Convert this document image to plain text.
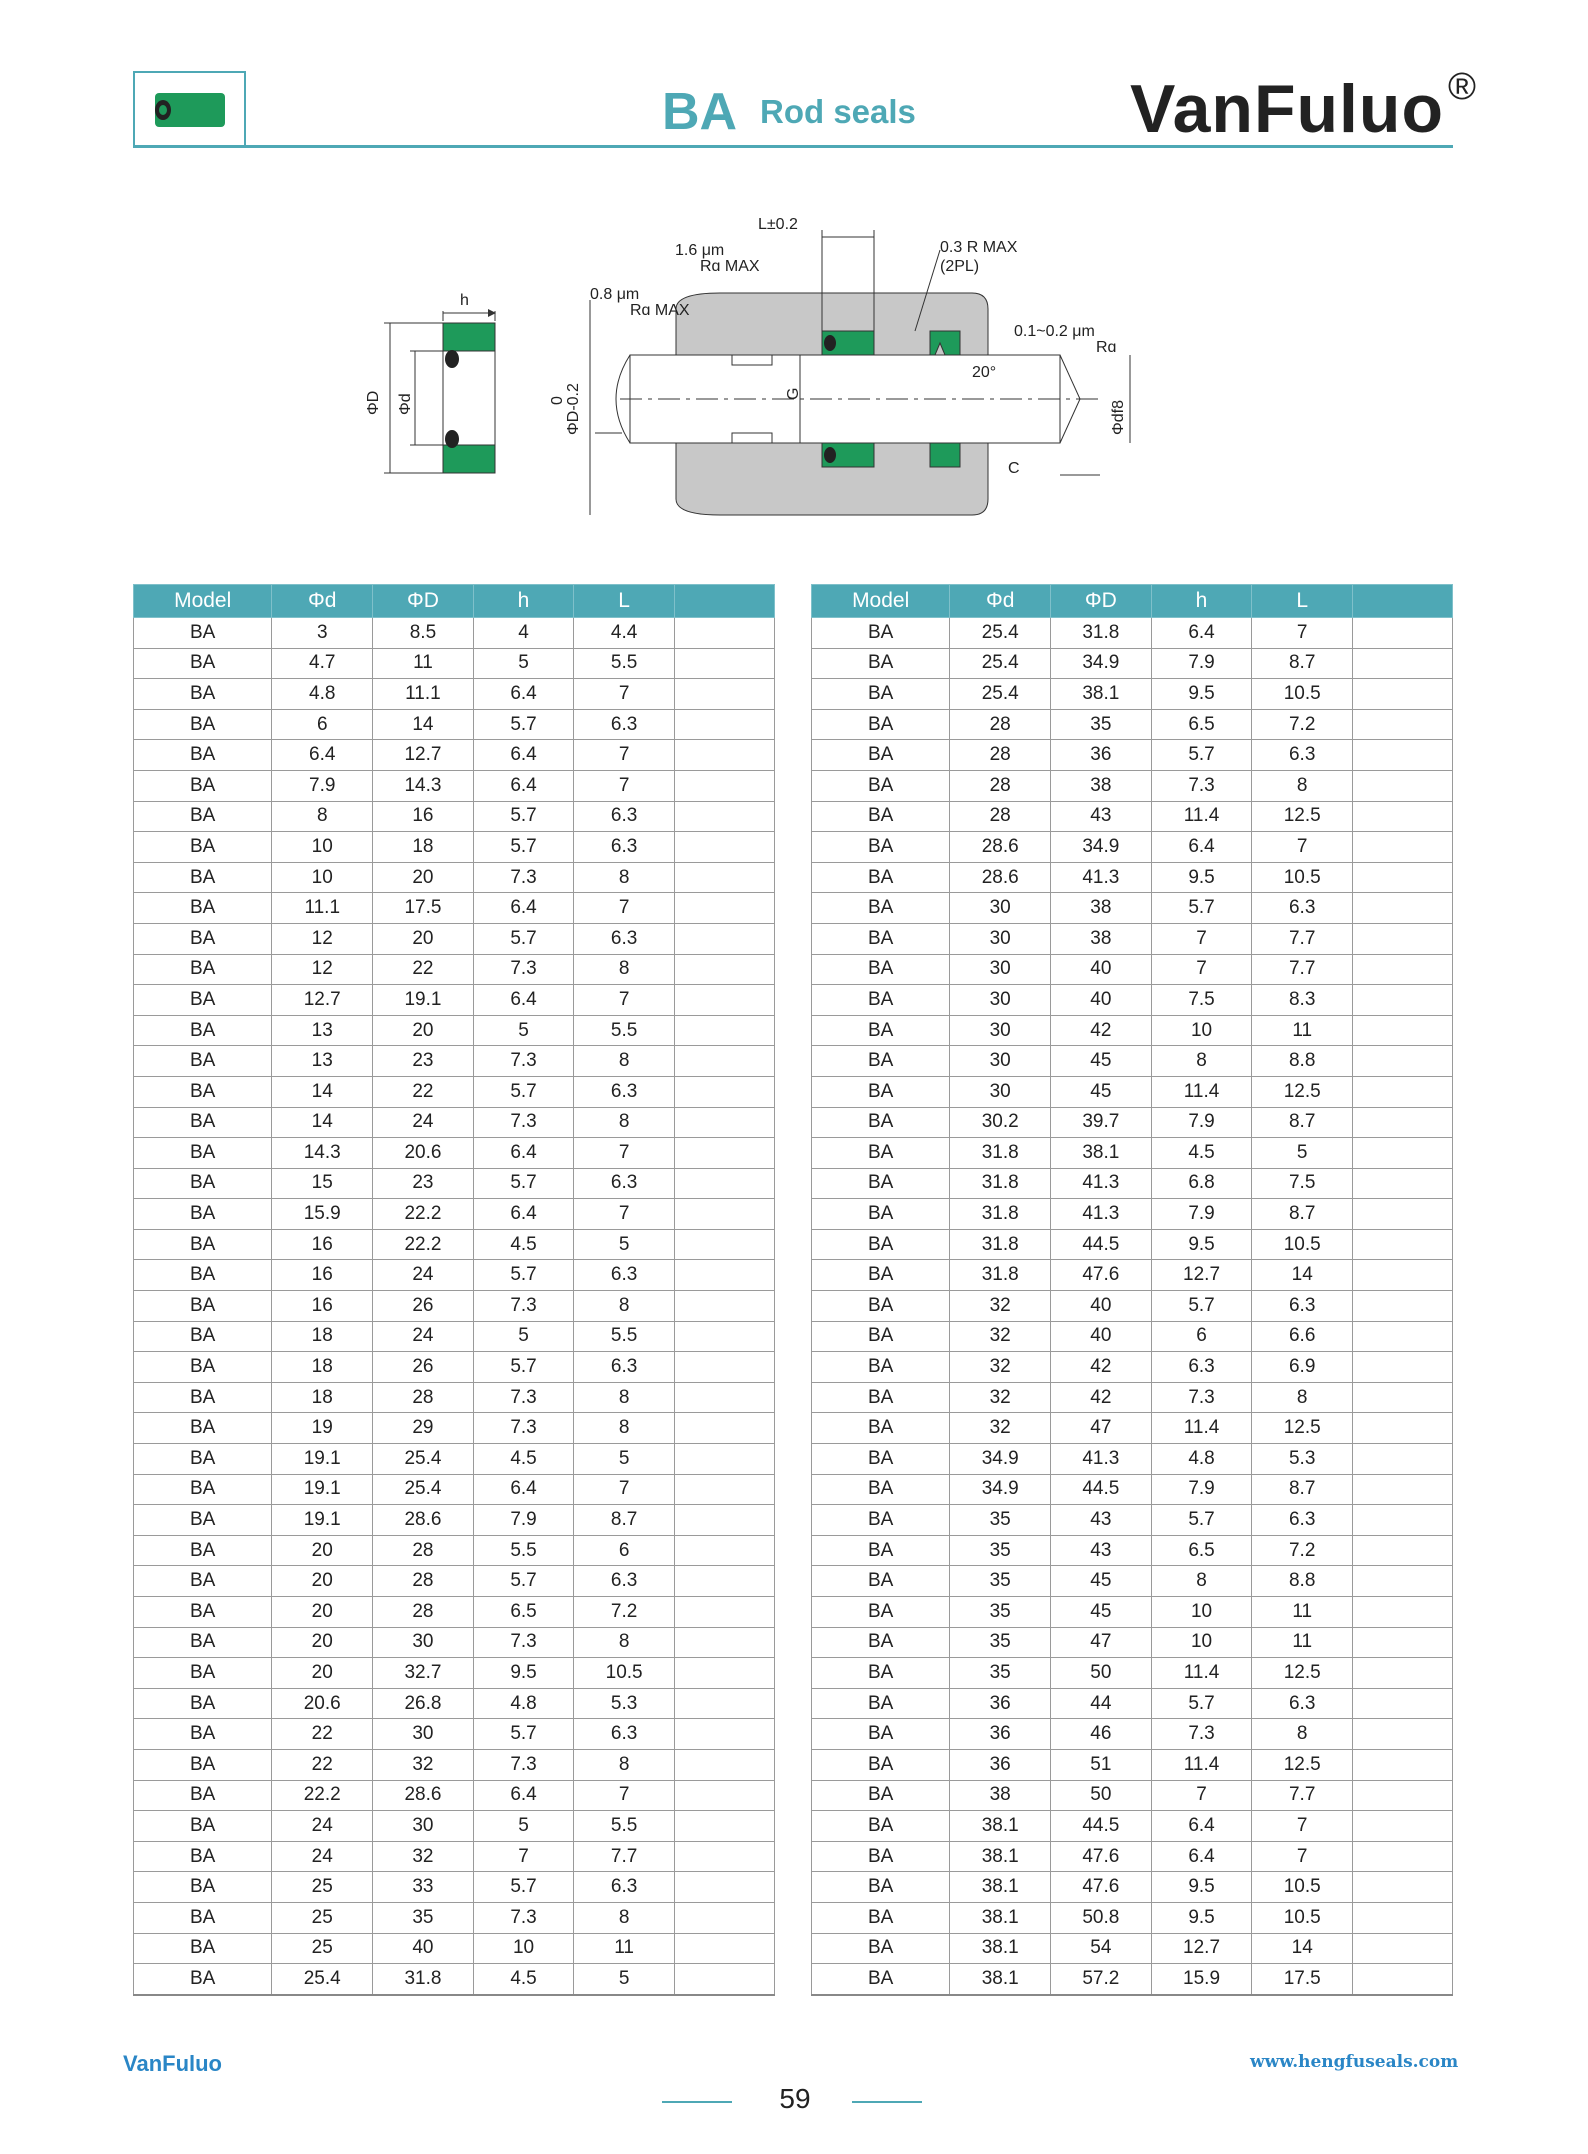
BA Rod seals	VanFuluo ®
h
ΦD Φd
L±0.2
1.6 μm
Rɑ MAX
0.3 R MAX
(2PL)
0.8 μm
Rɑ MAX
0.1~0.2 μm
Rɑ
G
20°
ΦD-0.2
0	Φdf8
C
Model	Φd	ΦD	h	L	
BA	3	8.5	4	4.4	
BA	4.7	11	5	5.5	
BA	4.8	11.1	6.4	7	
BA	6	14	5.7	6.3	
BA	6.4	12.7	6.4	7	
BA	7.9	14.3	6.4	7	
BA	8	16	5.7	6.3	
BA	10	18	5.7	6.3	
BA	10	20	7.3	8	
BA	11.1	17.5	6.4	7	
BA	12	20	5.7	6.3	
BA	12	22	7.3	8	
BA	12.7	19.1	6.4	7	
BA	13	20	5	5.5	
BA	13	23	7.3	8	
BA	14	22	5.7	6.3	
BA	14	24	7.3	8	
BA	14.3	20.6	6.4	7	
BA	15	23	5.7	6.3	
BA	15.9	22.2	6.4	7	
BA	16	22.2	4.5	5	
BA	16	24	5.7	6.3	
BA	16	26	7.3	8	
BA	18	24	5	5.5	
BA	18	26	5.7	6.3	
BA	18	28	7.3	8	
BA	19	29	7.3	8	
BA	19.1	25.4	4.5	5	
BA	19.1	25.4	6.4	7	
BA	19.1	28.6	7.9	8.7	
BA	20	28	5.5	6	
BA	20	28	5.7	6.3	
BA	20	28	6.5	7.2	
BA	20	30	7.3	8	
BA	20	32.7	9.5	10.5	
BA	20.6	26.8	4.8	5.3	
BA	22	30	5.7	6.3	
BA	22	32	7.3	8	
BA	22.2	28.6	6.4	7	
BA	24	30	5	5.5	
BA	24	32	7	7.7	
BA	25	33	5.7	6.3	
BA	25	35	7.3	8	
BA	25	40	10	11	
BA	25.4	31.8	4.5	5	
Model	Φd	ΦD	h	L	
BA	25.4	31.8	6.4	7	
BA	25.4	34.9	7.9	8.7	
BA	25.4	38.1	9.5	10.5	
BA	28	35	6.5	7.2	
BA	28	36	5.7	6.3	
BA	28	38	7.3	8	
BA	28	43	11.4	12.5	
BA	28.6	34.9	6.4	7	
BA	28.6	41.3	9.5	10.5	
BA	30	38	5.7	6.3	
BA	30	38	7	7.7	
BA	30	40	7	7.7	
BA	30	40	7.5	8.3	
BA	30	42	10	11	
BA	30	45	8	8.8	
BA	30	45	11.4	12.5	
BA	30.2	39.7	7.9	8.7	
BA	31.8	38.1	4.5	5	
BA	31.8	41.3	6.8	7.5	
BA	31.8	41.3	7.9	8.7	
BA	31.8	44.5	9.5	10.5	
BA	31.8	47.6	12.7	14	
BA	32	40	5.7	6.3	
BA	32	40	6	6.6	
BA	32	42	6.3	6.9	
BA	32	42	7.3	8	
BA	32	47	11.4	12.5	
BA	34.9	41.3	4.8	5.3	
BA	34.9	44.5	7.9	8.7	
BA	35	43	5.7	6.3	
BA	35	43	6.5	7.2	
BA	35	45	8	8.8	
BA	35	45	10	11	
BA	35	47	10	11	
BA	35	50	11.4	12.5	
BA	36	44	5.7	6.3	
BA	36	46	7.3	8	
BA	36	51	11.4	12.5	
BA	38	50	7	7.7	
BA	38.1	44.5	6.4	7	
BA	38.1	47.6	6.4	7	
BA	38.1	47.6	9.5	10.5	
BA	38.1	50.8	9.5	10.5	
BA	38.1	54	12.7	14	
BA	38.1	57.2	15.9	17.5	
VanFuluo	www.hengfuseals.com
59
